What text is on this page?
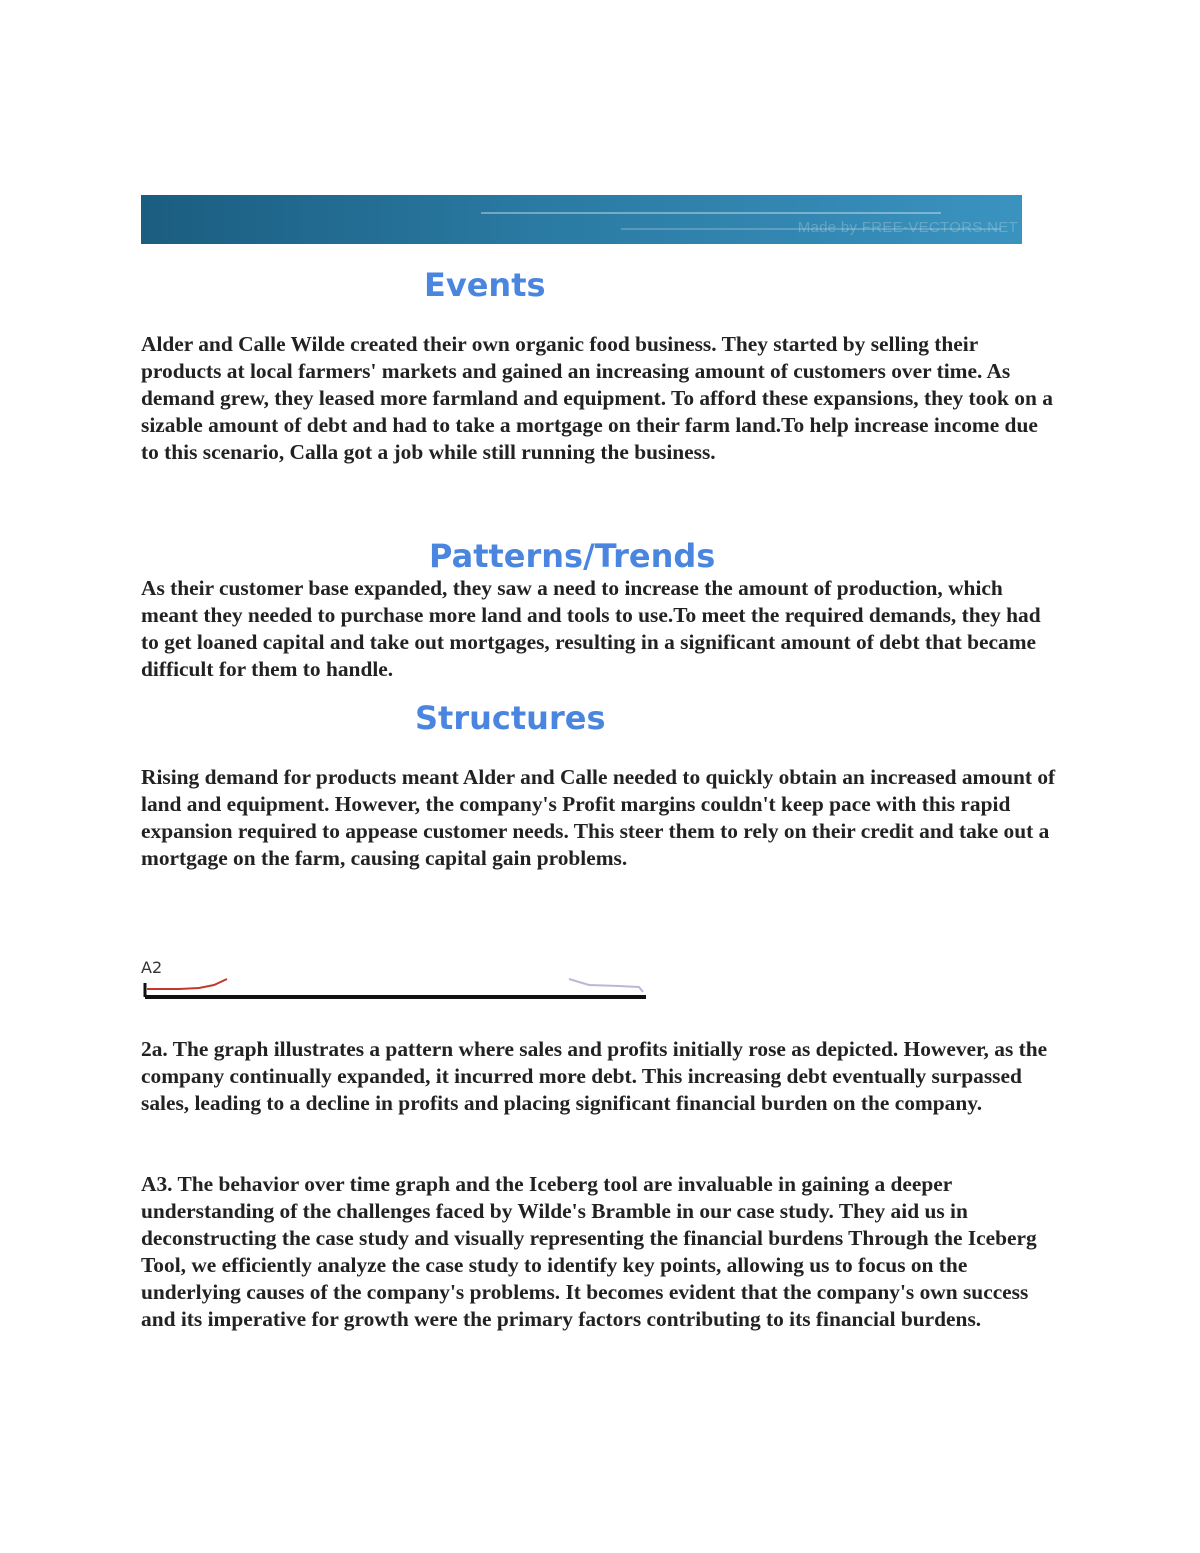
Made by FREE-VECTORS.NET
Events

Alder and Calle Wilde created their own organic food business. They started by selling their products at local farmers' markets and gained an increasing amount of customers over time. As demand grew, they leased more farmland and equipment. To afford these expansions, they took on a sizable amount of debt and had to take a mortgage on their farm land.To help increase income due to this scenario, Calla got a job while still running the business.

Patterns/Trends

As their customer base expanded, they saw a need to increase the amount of production, which meant they needed to purchase more land and tools to use.To meet the required demands, they had to get loaned capital and take out mortgages, resulting in a significant amount of debt that became difficult for them to handle.

Structures

Rising demand for products meant Alder and Calle needed to quickly obtain an increased amount of land and equipment. However, the company's Profit margins couldn't keep pace with this rapid expansion required to appease customer needs. This steer them to rely on their credit and take out a mortgage on the farm, causing capital gain problems.

A2

2a. The graph illustrates a pattern where sales and profits initially rose as depicted. However, as the company continually expanded, it incurred more debt. This increasing debt eventually surpassed sales, leading to a decline in profits and placing significant financial burden on the company.

A3. The behavior over time graph and the Iceberg tool are invaluable in gaining a deeper understanding of the challenges faced by Wilde's Bramble in our case study. They aid us in deconstructing the case study and visually representing the financial burdens Through the Iceberg Tool, we efficiently analyze the case study to identify key points, allowing us to focus on the underlying causes of the company's problems. It becomes evident that the company's own success and its imperative for growth were the primary factors contributing to its financial burdens.
